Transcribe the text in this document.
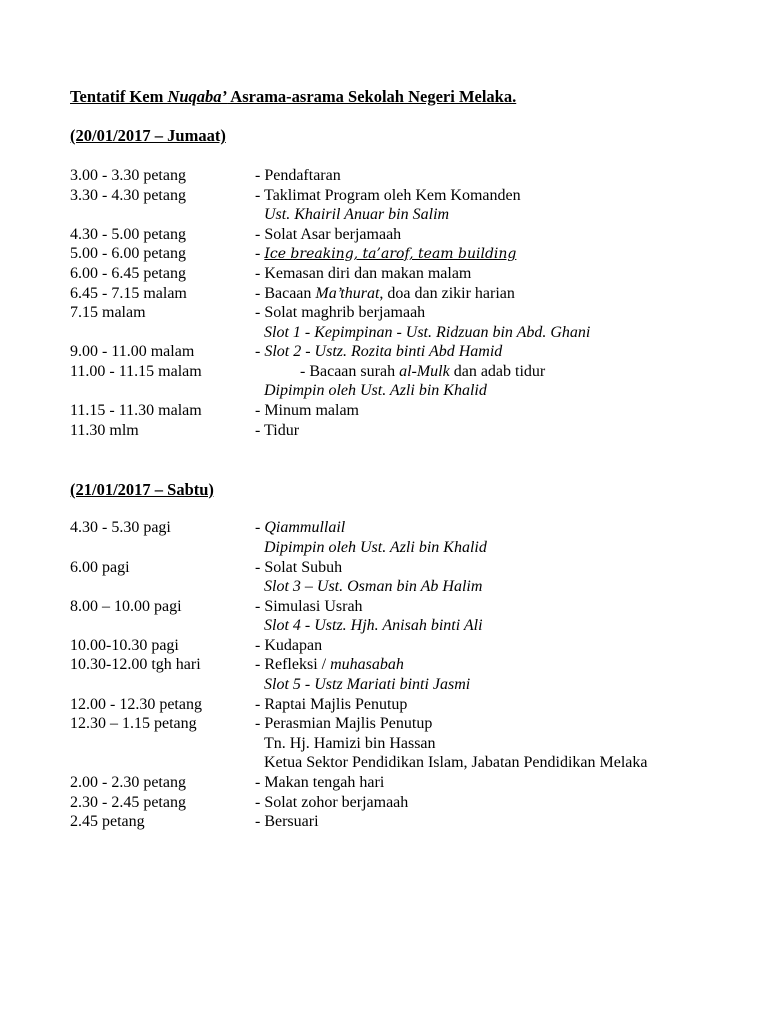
Tentatif Kem Nuqaba’ Asrama-asrama Sekolah Negeri Melaka.
(20/01/2017 – Jumaat)
3.00 - 3.30 petang	- Pendaftaran
3.30 - 4.30 petang	- Taklimat Program oleh Kem Komanden
Ust. Khairil Anuar bin Salim
4.30 - 5.00 petang	- Solat Asar berjamaah
5.00 - 6.00 petang	- Ice breaking, ta’arof, team building
6.00 - 6.45 petang	- Kemasan diri dan makan malam
6.45 - 7.15 malam	- Bacaan Ma’thurat, doa dan zikir harian
7.15 malam	- Solat maghrib berjamaah
Slot 1 - Kepimpinan - Ust. Ridzuan bin Abd. Ghani
9.00 - 11.00 malam	- Slot 2 - Ustz. Rozita binti Abd Hamid
11.00 - 11.15 malam	- Bacaan surah al-Mulk dan adab tidur
Dipimpin oleh Ust. Azli bin Khalid
11.15 - 11.30 malam	- Minum malam
11.30 mlm	- Tidur
(21/01/2017 – Sabtu)
4.30 - 5.30 pagi	- Qiammullail
Dipimpin oleh Ust. Azli bin Khalid
6.00 pagi	- Solat Subuh
Slot 3 – Ust. Osman bin Ab Halim
8.00 – 10.00 pagi	- Simulasi Usrah
Slot 4 - Ustz. Hjh. Anisah binti Ali
10.00-10.30 pagi	- Kudapan
10.30-12.00 tgh hari	- Refleksi / muhasabah
Slot 5 - Ustz Mariati binti Jasmi
12.00 - 12.30 petang	- Raptai Majlis Penutup
12.30 – 1.15 petang	- Perasmian Majlis Penutup
Tn. Hj. Hamizi bin Hassan
Ketua Sektor Pendidikan Islam, Jabatan Pendidikan Melaka
2.00 - 2.30 petang	- Makan tengah hari
2.30 - 2.45 petang	- Solat zohor berjamaah
2.45 petang	- Bersuari
